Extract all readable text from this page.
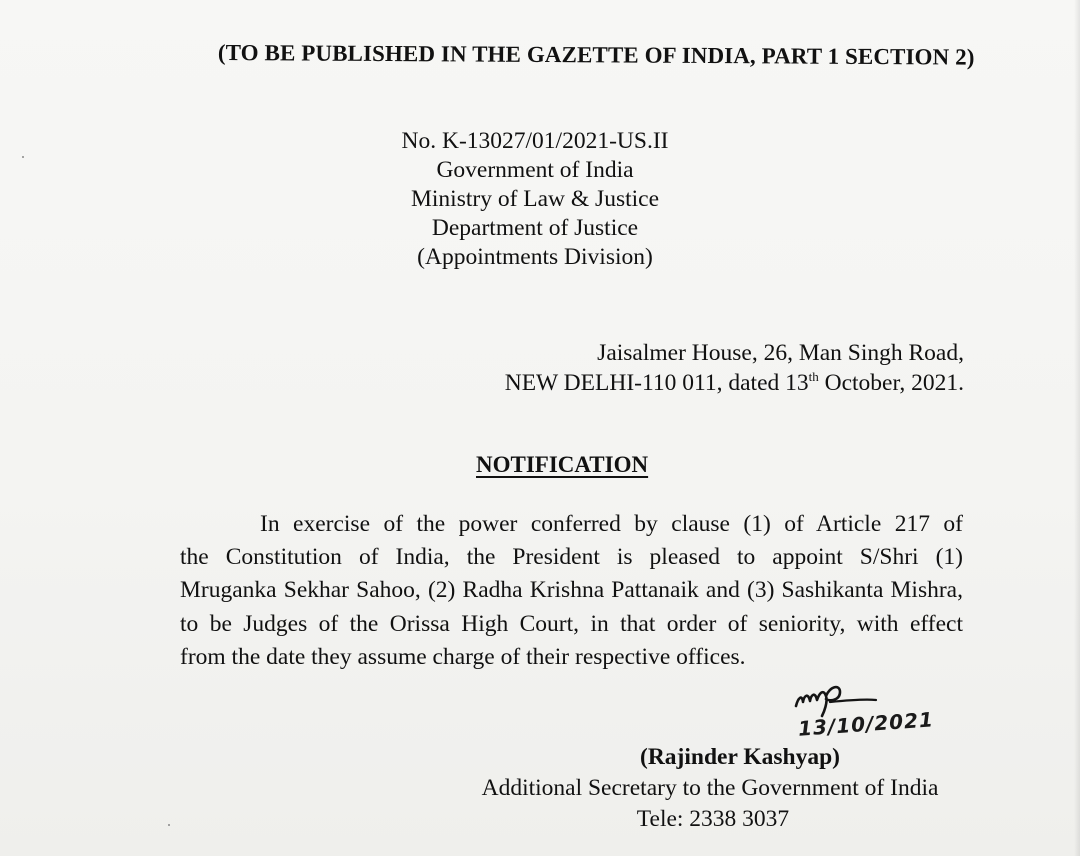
(TO BE PUBLISHED IN THE GAZETTE OF INDIA, PART 1 SECTION 2)
No. K-13027/01/2021-US.II
Government of India
Ministry of Law & Justice
Department of Justice
(Appointments Division)
Jaisalmer House, 26, Man Singh Road,
NEW DELHI-110 011, dated 13th October, 2021.
NOTIFICATION
In exercise of the power conferred by clause (1) of Article 217 of
the Constitution of India, the President is pleased to appoint S/Shri (1)
Mruganka Sekhar Sahoo, (2) Radha Krishna Pattanaik and (3) Sashikanta Mishra,
to be Judges of the Orissa High Court, in that order of seniority, with effect
from the date they assume charge of their respective offices.
13/10/2021
(Rajinder Kashyap)
Additional Secretary to the Government of India
Tele: 2338 3037
